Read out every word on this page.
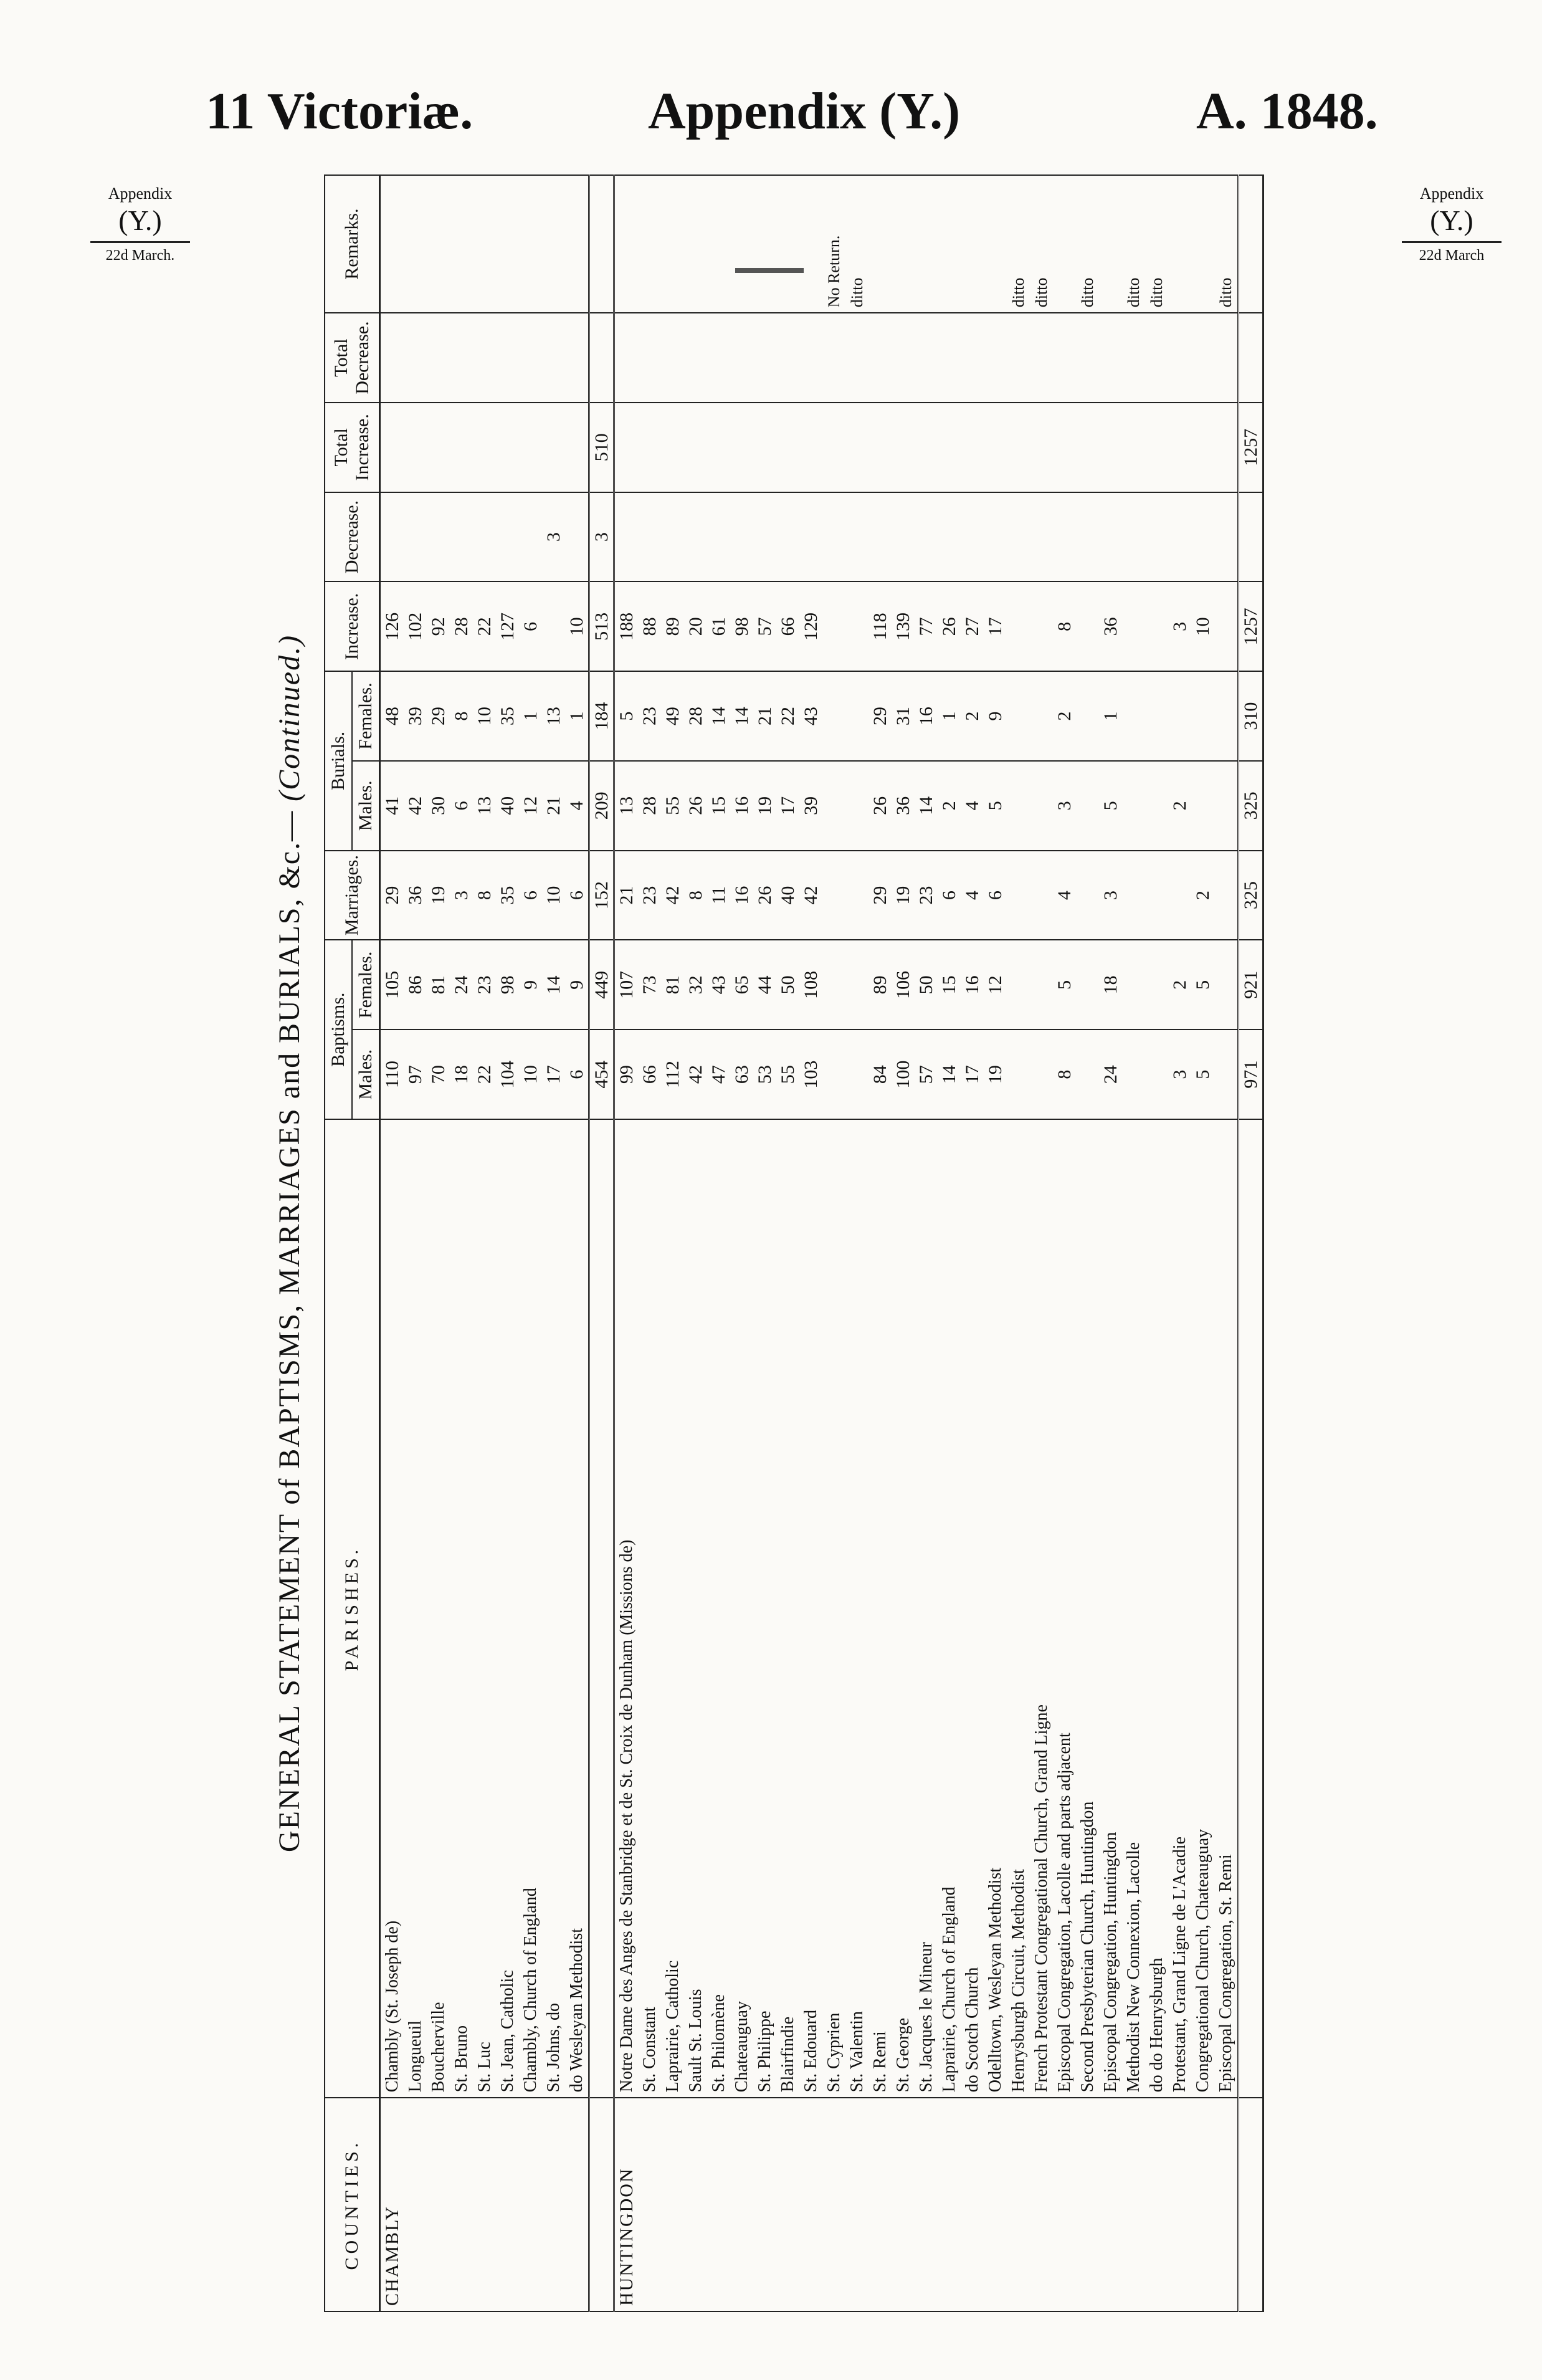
11 Victoriæ.	Appendix (Y.)	A. 1848.
Appendix
(Y.)
22d March.
Appendix
(Y.)
22d March
GENERAL STATEMENT of BAPTISMS, MARRIAGES and BURIALS, &c.— (Continued.)
COUNTIES.	PARISHES.	Baptisms.		Marriages.	Burials.		Increase.	Decrease.	Total Increase.	Total Decrease.	Remarks.
		Males.	Females.		Males.	Females.					
CHAMBLY	Chambly (St. Joseph de)	110	105	29	41	48	126				
	Longueuil	97	86	36	42	39	102				
	Boucherville	70	81	19	30	29	92				
	St. Bruno	18	24	3	6	8	28				
	St. Luc	22	23	8	13	10	22				
	St. Jean, Catholic	104	98	35	40	35	127				
	Chambly, Church of England	10	9	6	12	1	6				
	St. Johns, do	17	14	10	21	13		3			
	do Wesleyan Methodist	6	9	6	4	1	10				
		454	449	152	209	184	513	3	510		
HUNTINGDON	Notre Dame des Anges de Stanbridge et de St. Croix de Dunham (Missions de)	99	107	21	13	5	188				
	St. Constant	66	73	23	28	23	88				
	Laprairie, Catholic	112	81	42	55	49	89				
	Sault St. Louis	42	32	8	26	28	20				
	St. Philomène	47	43	11	15	14	61				
	Chateauguay	63	65	16	16	14	98				
	St. Philippe	53	44	26	19	21	57				
	Blairfindie	55	50	40	17	22	66				
	St. Edouard	103	108	42	39	43	129				
	St. Cyprien										No Return.
	St. Valentin										ditto
	St. Remi	84	89	29	26	29	118				
	St. George	100	106	19	36	31	139				
	St. Jacques le Mineur	57	50	23	14	16	77				
	Laprairie, Church of England	14	15	6	2	1	26				
	do Scotch Church	17	16	4	4	2	27				
	Odelltown, Wesleyan Methodist	19	12	6	5	9	17				
	Henrysburgh Circuit, Methodist										ditto
	French Protestant Congregational Church, Grand Ligne										ditto
	Episcopal Congregation, Lacolle and parts adjacent	8	5	4	3	2	8				
	Second Presbyterian Church, Huntingdon										ditto
	Episcopal Congregation, Huntingdon	24	18	3	5	1	36				
	Methodist New Connexion, Lacolle										ditto
	do do Henrysburgh										ditto
	Protestant, Grand Ligne de L'Acadie	3	2		2		3				
	Congregational Church, Chateauguay	5	5	2			10				
	Episcopal Congregation, St. Remi										ditto
		971	921	325	325	310	1257		1257		
